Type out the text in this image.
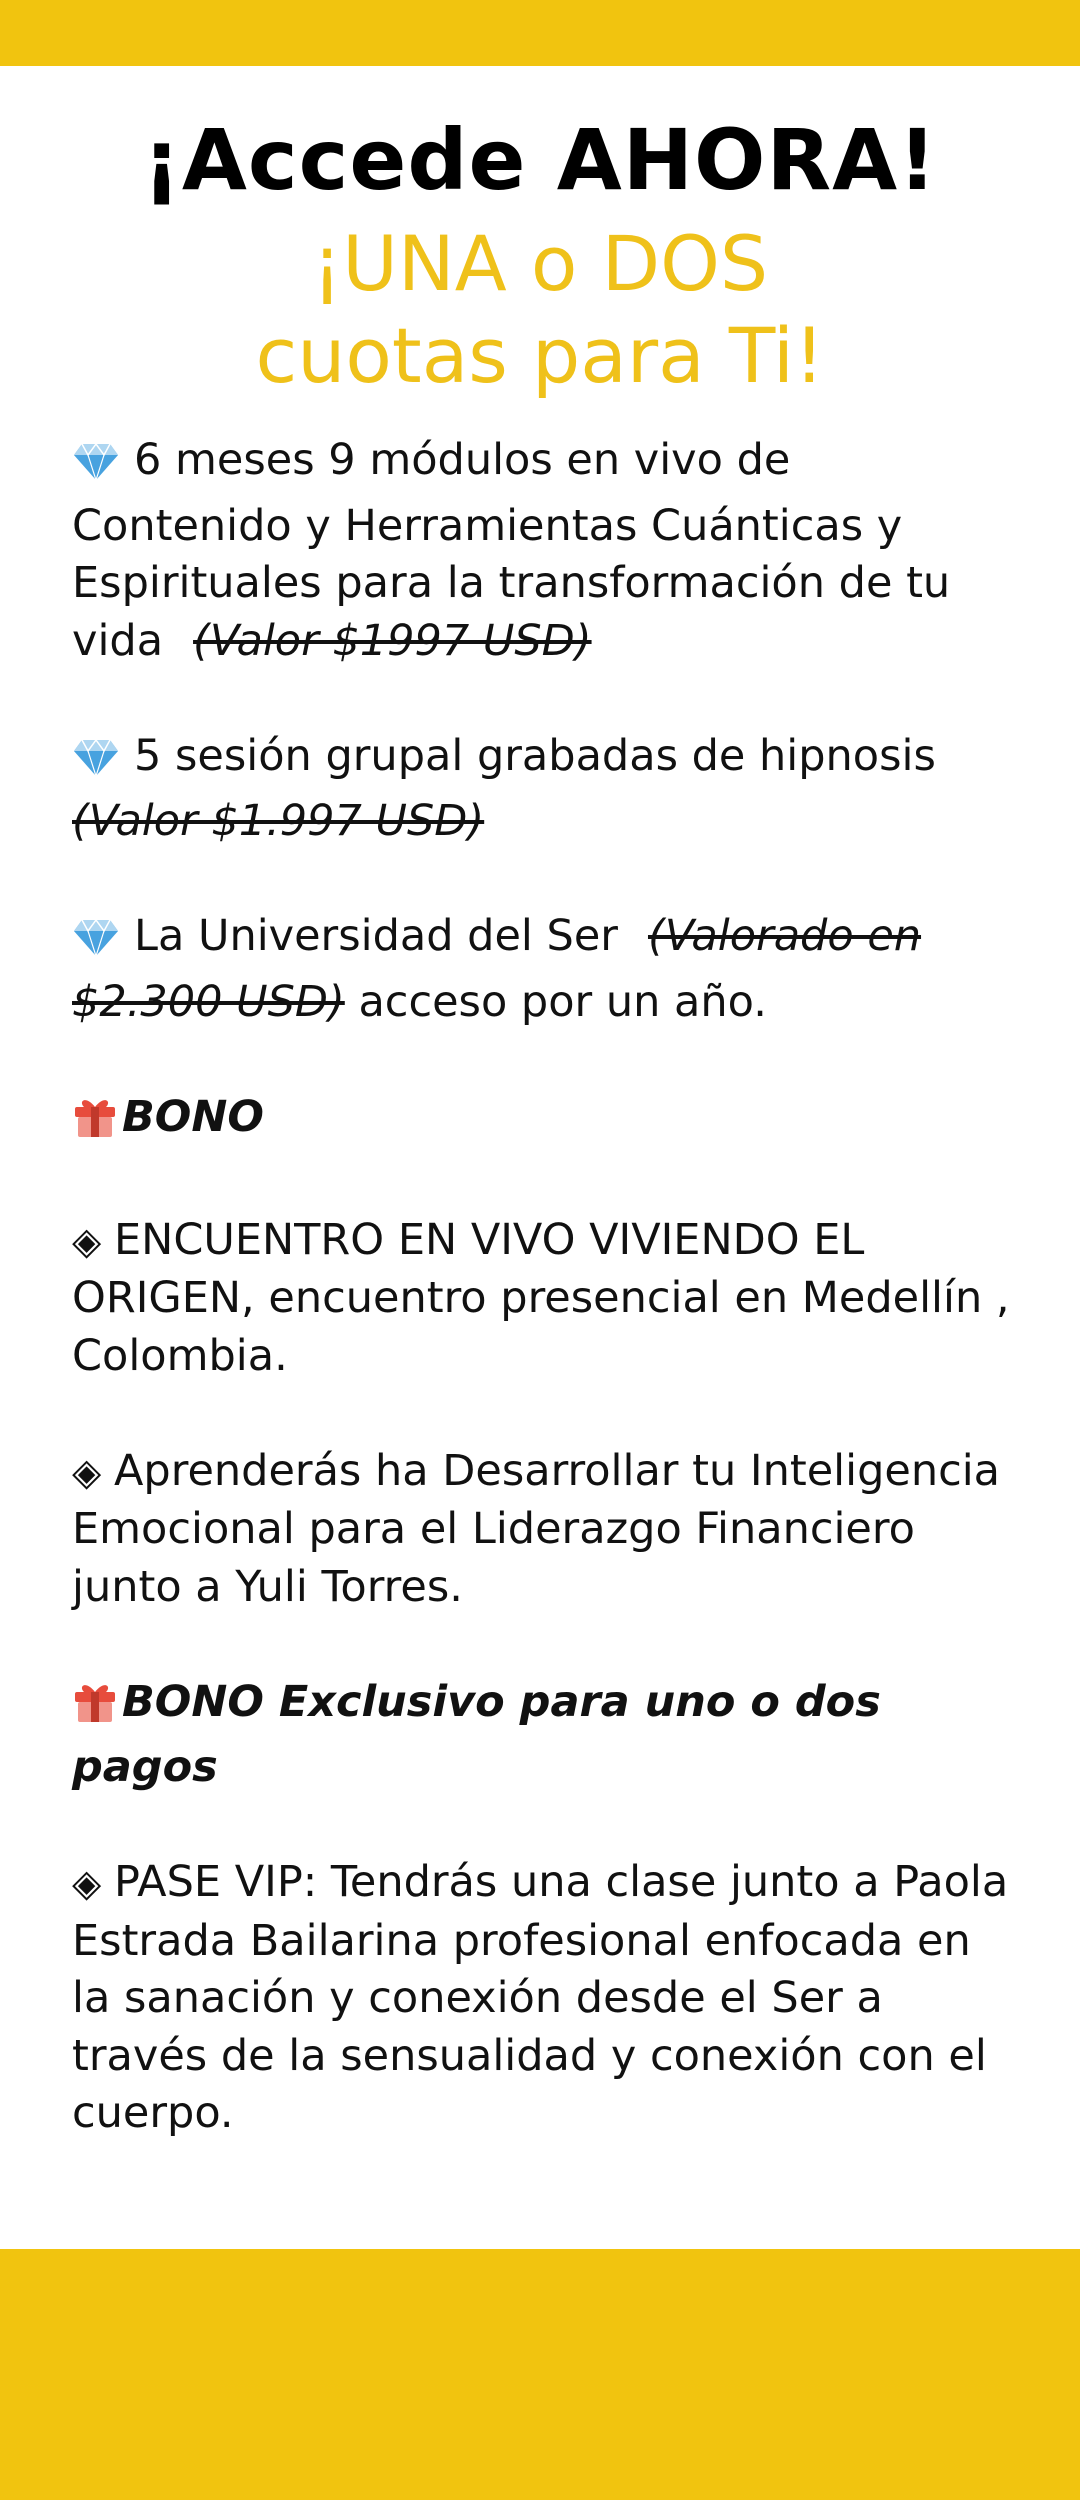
¡Accede AHORA!
¡UNA o DOS
cuotas para Ti!

6 meses 9 módulos en vivo de Contenido y Herramientas Cuánticas y Espirituales para la transformación de tu vida (Valor $1997 USD)

5 sesión grupal grabadas de hipnosis
(Valor $1.997 USD)

La Universidad del Ser (Valorado en $2.300 USD) acceso por un año.

BONO

◈ ENCUENTRO EN VIVO VIVIENDO EL ORIGEN, encuentro presencial en Medellín , Colombia.

◈ Aprenderás ha Desarrollar tu Inteligencia Emocional para el Liderazgo Financiero junto a Yuli Torres.

BONO Exclusivo para uno o dos pagos

◈ PASE VIP: Tendrás una clase junto a Paola Estrada Bailarina profesional enfocada en la sanación y conexión desde el Ser a través de la sensualidad y conexión con el cuerpo.
